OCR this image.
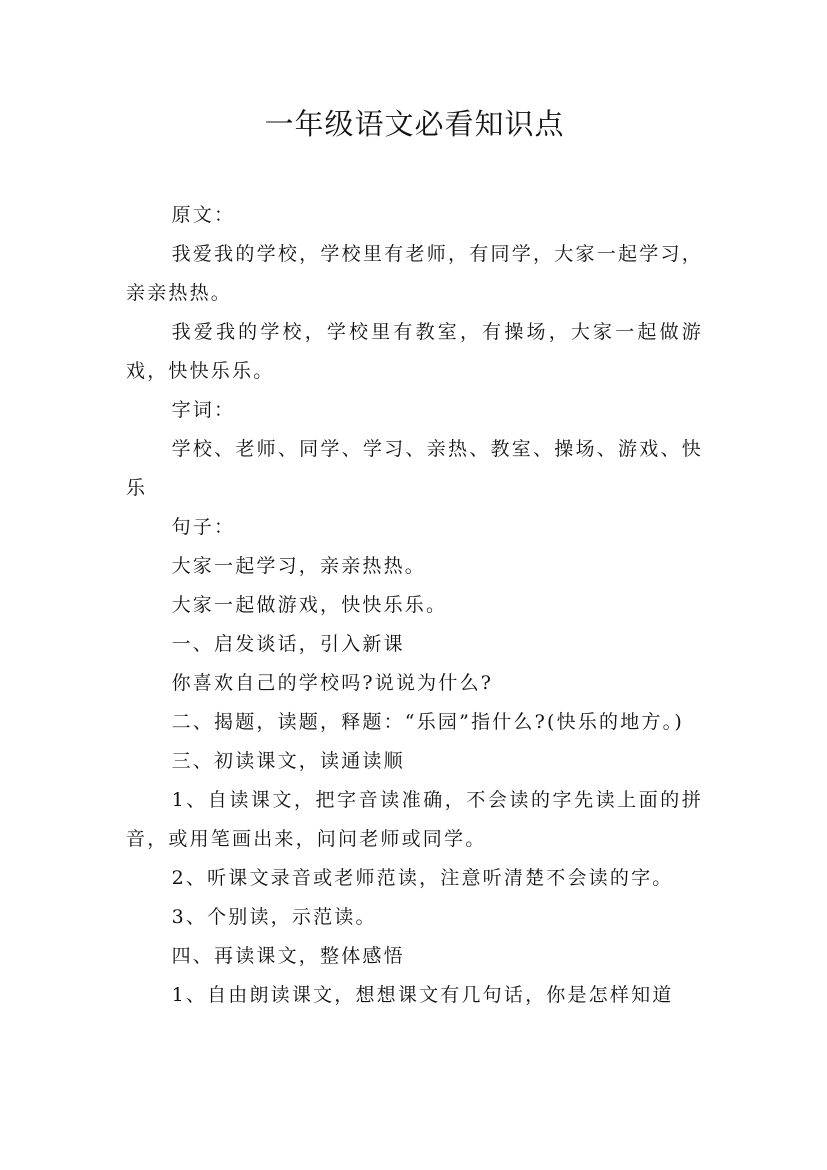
一年级语文必看知识点

原文：

我爱我的学校，学校里有老师，有同学，大家一起学习，亲亲热热。

我爱我的学校，学校里有教室，有操场，大家一起做游戏，快快乐乐。

字词：

学校、老师、同学、学习、亲热、教室、操场、游戏、快乐

句子：

大家一起学习，亲亲热热。

大家一起做游戏，快快乐乐。

一、启发谈话，引入新课

你喜欢自己的学校吗?说说为什么?

二、揭题，读题，释题：“乐园”指什么?(快乐的地方。)

三、初读课文，读通读顺

1、自读课文，把字音读准确，不会读的字先读上面的拼音，或用笔画出来，问问老师或同学。

2、听课文录音或老师范读，注意听清楚不会读的字。

3、个别读，示范读。

四、再读课文，整体感悟

1、自由朗读课文，想想课文有几句话，你是怎样知道
